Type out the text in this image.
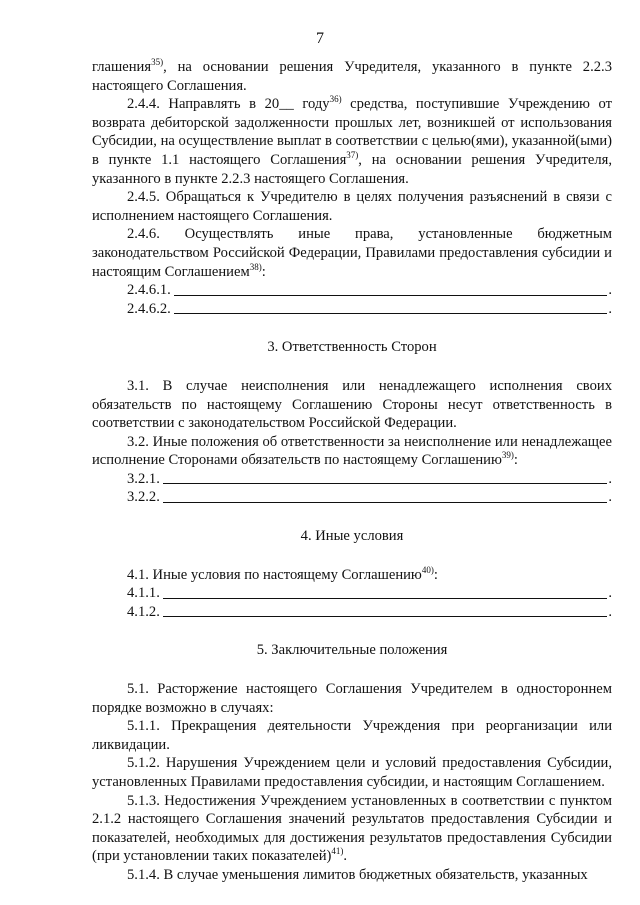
7

глашения$^{35)}$, на основании решения Учредителя, указанного в пункте 2.2.3 настоящего Соглашения.

2.4.4. Направлять в 20__ году$^{36)}$ средства, поступившие Учреждению от возврата дебиторской задолженности прошлых лет, возникшей от использования Субсидии, на осуществление выплат в соответствии с целью(ями), указанной(ыми) в пункте 1.1 настоящего Соглашения$^{37)}$, на основании решения Учредителя, указанного в пункте 2.2.3 настоящего Соглашения.

2.4.5. Обращаться к Учредителю в целях получения разъяснений в связи с исполнением настоящего Соглашения.

2.4.6. Осуществлять иные права, установленные бюджетным законодательством Российской Федерации, Правилами предоставления субсидии и настоящим Соглашением$^{38)}$:

2.4.6.1.	.
2.4.6.2.	.

3. Ответственность Сторон

3.1. В случае неисполнения или ненадлежащего исполнения своих обязательств по настоящему Соглашению Стороны несут ответственность в соответствии с законодательством Российской Федерации.

3.2. Иные положения об ответственности за неисполнение или ненадлежащее исполнение Сторонами обязательств по настоящему Соглашению$^{39)}$:

3.2.1.	.
3.2.2.	.

4. Иные условия

4.1. Иные условия по настоящему Соглашению$^{40)}$:

4.1.1.	.
4.1.2.	.

5. Заключительные положения

5.1. Расторжение настоящего Соглашения Учредителем в одностороннем порядке возможно в случаях:

5.1.1. Прекращения деятельности Учреждения при реорганизации или ликвидации.

5.1.2. Нарушения Учреждением цели и условий предоставления Субсидии, установленных Правилами предоставления субсидии, и настоящим Соглашением.

5.1.3. Недостижения Учреждением установленных в соответствии с пунктом 2.1.2 настоящего Соглашения значений результатов предоставления Субсидии и показателей, необходимых для достижения результатов предоставления Субсидии (при установлении таких показателей)$^{41)}$.

5.1.4. В случае уменьшения лимитов бюджетных обязательств, указанных
